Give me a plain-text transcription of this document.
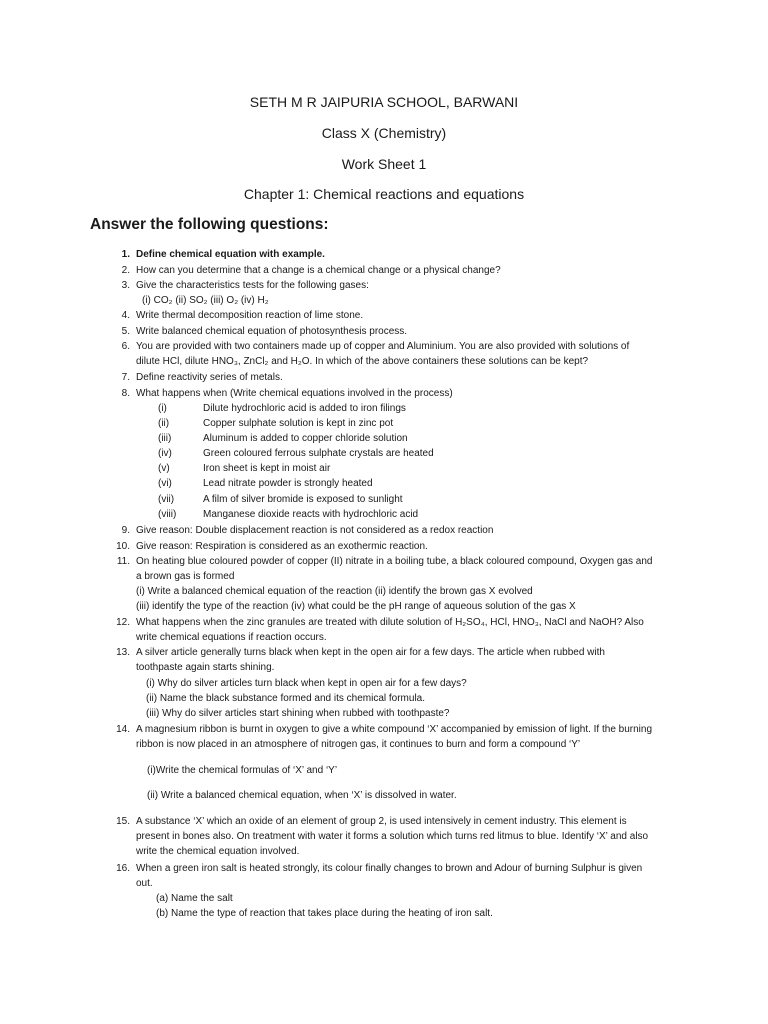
SETH M R JAIPURIA SCHOOL, BARWANI
Class X (Chemistry)
Work Sheet 1
Chapter 1: Chemical reactions and equations
Answer the following questions:
1. Define chemical equation with example.
2. How can you determine that a change is a chemical change or a physical change?
3. Give the characteristics tests for the following gases:
(i) CO₂ (ii) SO₂ (iii) O₂ (iv) H₂
4. Write thermal decomposition reaction of lime stone.
5. Write balanced chemical equation of photosynthesis process.
6. You are provided with two containers made up of copper and Aluminium. You are also provided with solutions of
dilute HCl, dilute HNO₃, ZnCl₂ and H₂O. In which of the above containers these solutions can be kept?
7. Define reactivity series of metals.
8. What happens when (Write chemical equations involved in the process)
(i)	Dilute hydrochloric acid is added to iron filings
(ii)	Copper sulphate solution is kept in zinc pot
(iii)	Aluminum is added to copper chloride solution
(iv)	Green coloured ferrous sulphate crystals are heated
(v)	Iron sheet is kept in moist air
(vi)	Lead nitrate powder is strongly heated
(vii)	A film of silver bromide is exposed to sunlight
(viii)	Manganese dioxide reacts with hydrochloric acid
9. Give reason: Double displacement reaction is not considered as a redox reaction
10. Give reason: Respiration is considered as an exothermic reaction.
11. On heating blue coloured powder of copper (II) nitrate in a boiling tube, a black coloured compound, Oxygen gas and
a brown gas is formed
(i) Write a balanced chemical equation of the reaction (ii) identify the brown gas X evolved
(iii) identify the type of the reaction (iv) what could be the pH range of aqueous solution of the gas X
12. What happens when the zinc granules are treated with dilute solution of H₂SO₄, HCl, HNO₃, NaCl and NaOH? Also
write chemical equations if reaction occurs.
13. A silver article generally turns black when kept in the open air for a few days. The article when rubbed with
toothpaste again starts shining.
(i) Why do silver articles turn black when kept in open air for a few days?
(ii) Name the black substance formed and its chemical formula.
(iii) Why do silver articles start shining when rubbed with toothpaste?
14. A magnesium ribbon is burnt in oxygen to give a white compound ‘X’ accompanied by emission of light. If the burning
ribbon is now placed in an atmosphere of nitrogen gas, it continues to burn and form a compound ‘Y’
(i)Write the chemical formulas of ‘X’ and ‘Y’
(ii) Write a balanced chemical equation, when ‘X’ is dissolved in water.
15. A substance ‘X’ which an oxide of an element of group 2, is used intensively in cement industry. This element is
present in bones also. On treatment with water it forms a solution which turns red litmus to blue. Identify ‘X’ and also
write the chemical equation involved.
16. When a green iron salt is heated strongly, its colour finally changes to brown and Adour of burning Sulphur is given
out.
(a) Name the salt
(b) Name the type of reaction that takes place during the heating of iron salt.
